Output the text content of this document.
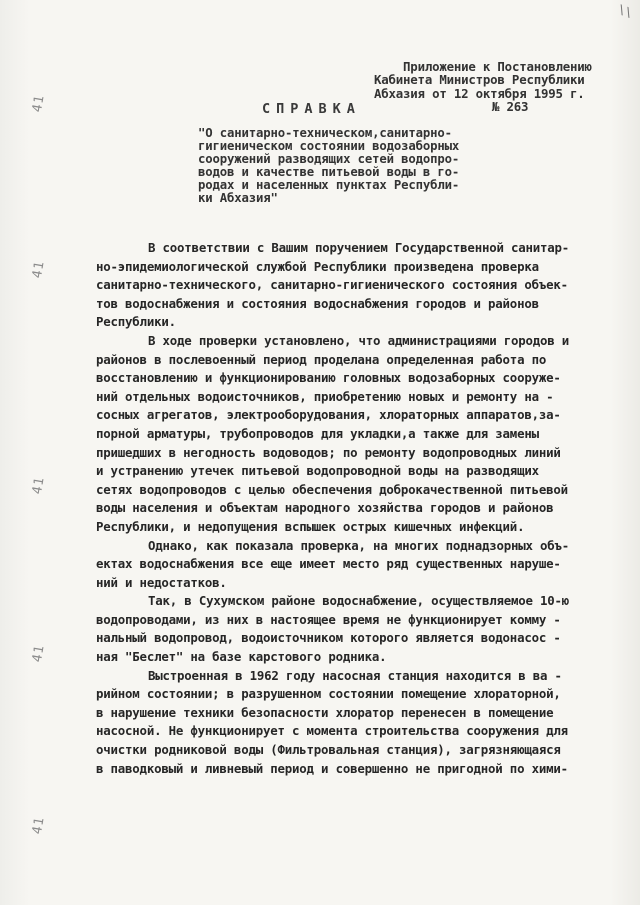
\\
41
41
41
41
41

Приложение к Постановлению
Кабинета Министров Республики
Абхазия от 12 октября 1995 г.

№ 263

СПРАВКА
"О санитарно-техническом,санитарно-
гигиеническом состоянии водозаборных
сооружений разводящих сетей водопро-
водов и качестве питьевой воды в го-
родах и населенных пунктах Республи-
ки Абхазия"
В соответствии с Вашим поручением Государственной санитар-
но-эпидемиологической службой Республики произведена проверка
санитарно-технического, санитарно-гигиенического состояния объек-
тов водоснабжения и состояния водоснабжения городов и районов
Республики.
В ходе проверки установлено, что администрациями городов и
районов в послевоенный период проделана определенная работа по
восстановлению и функционированию головных водозаборных сооруже-
ний отдельных водоисточников, приобретению новых и ремонту на -
сосных агрегатов, электрооборудования, хлораторных аппаратов,за-
порной арматуры, трубопроводов для укладки,а также для замены
пришедших в негодность водоводов; по ремонту водопроводных линий
и устранению утечек питьевой водопроводной воды на разводящих
сетях водопроводов с целью обеспечения доброкачественной питьевой
воды населения и объектам народного хозяйства городов и районов
Республики, и недопущения вспышек острых кишечных инфекций.
Однако, как показала проверка, на многих поднадзорных объ-
ектах водоснабжения все еще имеет место ряд существенных наруше-
ний и недостатков.
Так, в Сухумском районе водоснабжение, осуществляемое 10-ю
водопроводами, из них в настоящее время не функционирует комму -
нальный водопровод, водоисточником которого является водонасос -
ная "Беслет" на базе карстового родника.
Выстроенная в 1962 году насосная станция находится в ва -
рийном состоянии; в разрушенном состоянии помещение хлораторной,
в нарушение техники безопасности хлоратор перенесен в помещение
насосной. Не функционирует с момента строительства сооружения для
очистки родниковой воды (Фильтровальная станция), загрязняющаяся
в паводковый и ливневый период и совершенно не пригодной по хими-
